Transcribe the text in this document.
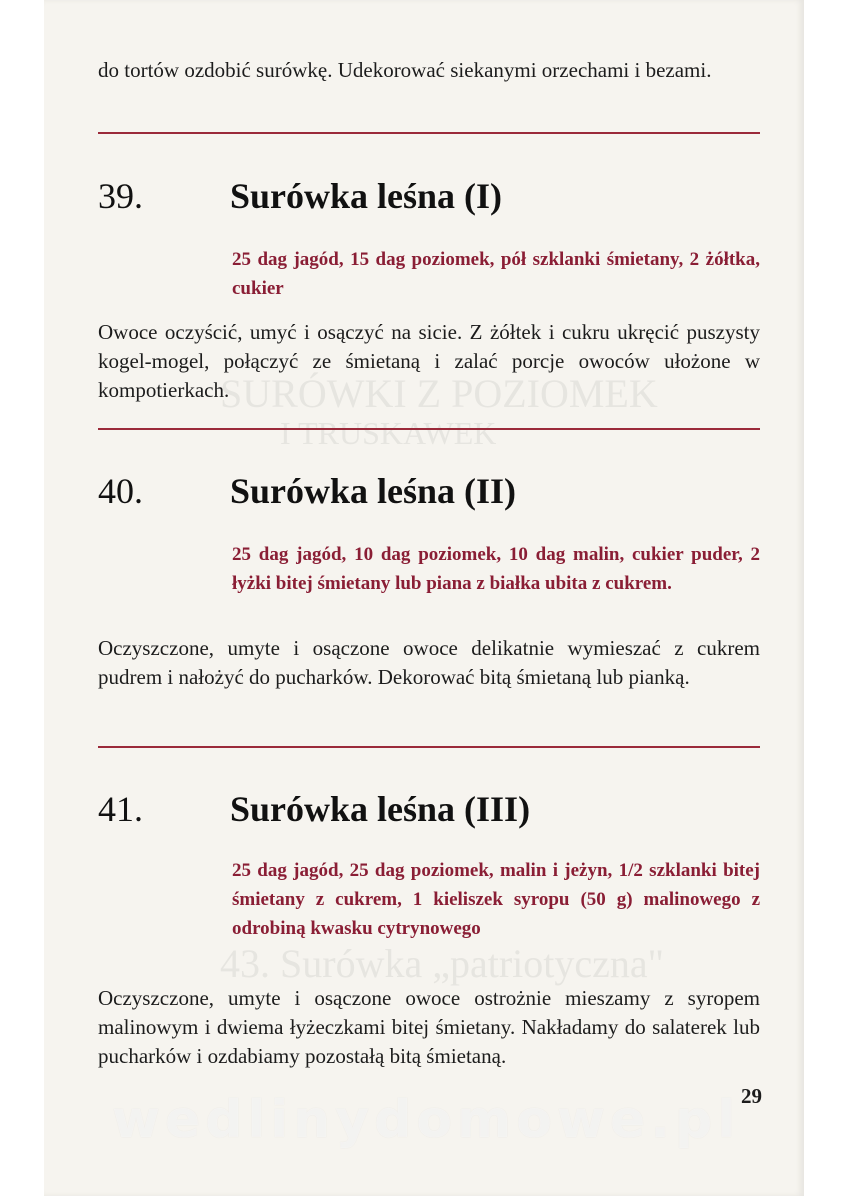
SURÓWKI Z POZIOMEK
I TRUSKAWEK
43. Surówka „patriotyczna"
do tortów ozdobić surówkę. Udekorować siekanymi orzechami i bezami.
39. Surówka leśna (I)
25 dag jagód, 15 dag poziomek, pół szklanki śmietany, 2 żółtka, cukier
Owoce oczyścić, umyć i osączyć na sicie. Z żółtek i cukru ukręcić puszysty kogel-mogel, połączyć ze śmietaną i zalać porcje owoców ułożone w kompotierkach.
40. Surówka leśna (II)
25 dag jagód, 10 dag poziomek, 10 dag malin, cukier puder, 2 łyżki bitej śmietany lub piana z białka ubita z cukrem.
Oczyszczone, umyte i osączone owoce delikatnie wymieszać z cukrem pudrem i nałożyć do pucharków. Dekorować bitą śmietaną lub pianką.
41. Surówka leśna (III)
25 dag jagód, 25 dag poziomek, malin i jeżyn, 1/2 szklanki bitej śmietany z cukrem, 1 kieliszek syropu (50 g) malinowego z odrobiną kwasku cytrynowego
Oczyszczone, umyte i osączone owoce ostrożnie mieszamy z syropem malinowym i dwiema łyżeczkami bitej śmietany. Nakładamy do salaterek lub pucharków i ozdabiamy pozostałą bitą śmietaną.
29
wedlinydomowe.pl
